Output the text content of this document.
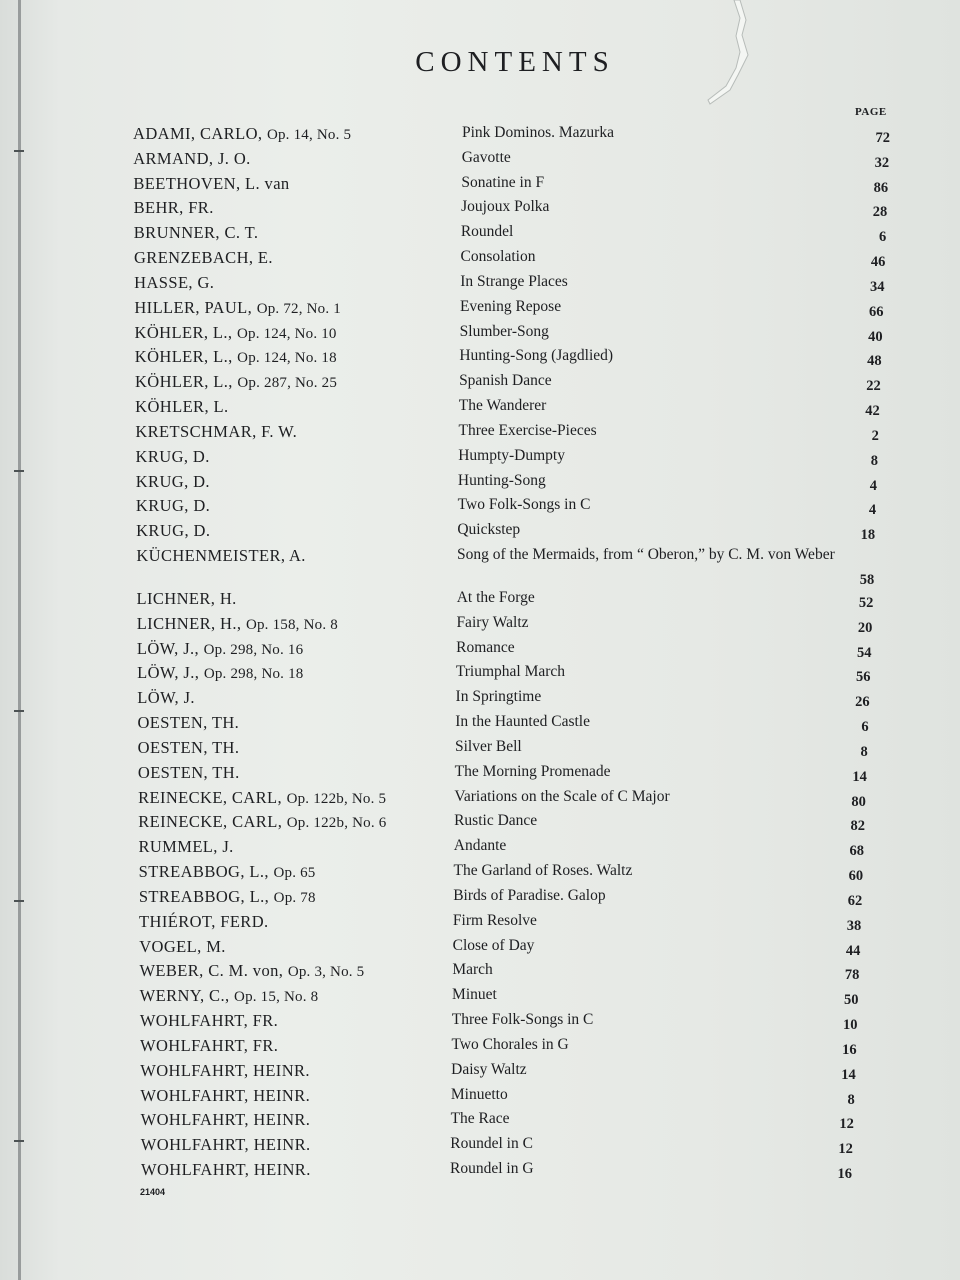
CONTENTS
PAGE
ADAMI, CARLO, Op. 14, No. 5	Pink Dominos. Mazurka	72
ARMAND, J. O.	Gavotte	32
BEETHOVEN, L. van	Sonatine in F	86
BEHR, FR.	Joujoux Polka	28
BRUNNER, C. T.	Roundel	6
GRENZEBACH, E.	Consolation	46
HASSE, G.	In Strange Places	34
HILLER, PAUL, Op. 72, No. 1	Evening Repose	66
KÖHLER, L., Op. 124, No. 10	Slumber-Song	40
KÖHLER, L., Op. 124, No. 18	Hunting-Song (Jagdlied)	48
KÖHLER, L., Op. 287, No. 25	Spanish Dance	22
KÖHLER, L.	The Wanderer	42
KRETSCHMAR, F. W.	Three Exercise-Pieces	2
KRUG, D.	Humpty-Dumpty	8
KRUG, D.	Hunting-Song	4
KRUG, D.	Two Folk-Songs in C	4
KRUG, D.	Quickstep	18
KÜCHENMEISTER, A.	Song of the Mermaids, from “ Oberon,” by C. M. von Weber
58
LICHNER, H.	At the Forge	52
LICHNER, H., Op. 158, No. 8	Fairy Waltz	20
LÖW, J., Op. 298, No. 16	Romance	54
LÖW, J., Op. 298, No. 18	Triumphal March	56
LÖW, J.	In Springtime	26
OESTEN, TH.	In the Haunted Castle	6
OESTEN, TH.	Silver Bell	8
OESTEN, TH.	The Morning Promenade	14
REINECKE, CARL, Op. 122b, No. 5	Variations on the Scale of C Major	80
REINECKE, CARL, Op. 122b, No. 6	Rustic Dance	82
RUMMEL, J.	Andante	68
STREABBOG, L., Op. 65	The Garland of Roses. Waltz	60
STREABBOG, L., Op. 78	Birds of Paradise. Galop	62
THIÉROT, FERD.	Firm Resolve	38
VOGEL, M.	Close of Day	44
WEBER, C. M. von, Op. 3, No. 5	March	78
WERNY, C., Op. 15, No. 8	Minuet	50
WOHLFAHRT, FR.	Three Folk-Songs in C	10
WOHLFAHRT, FR.	Two Chorales in G	16
WOHLFAHRT, HEINR.	Daisy Waltz	14
WOHLFAHRT, HEINR.	Minuetto	8
WOHLFAHRT, HEINR.	The Race	12
WOHLFAHRT, HEINR.	Roundel in C	12
WOHLFAHRT, HEINR.	Roundel in G	16
21404
